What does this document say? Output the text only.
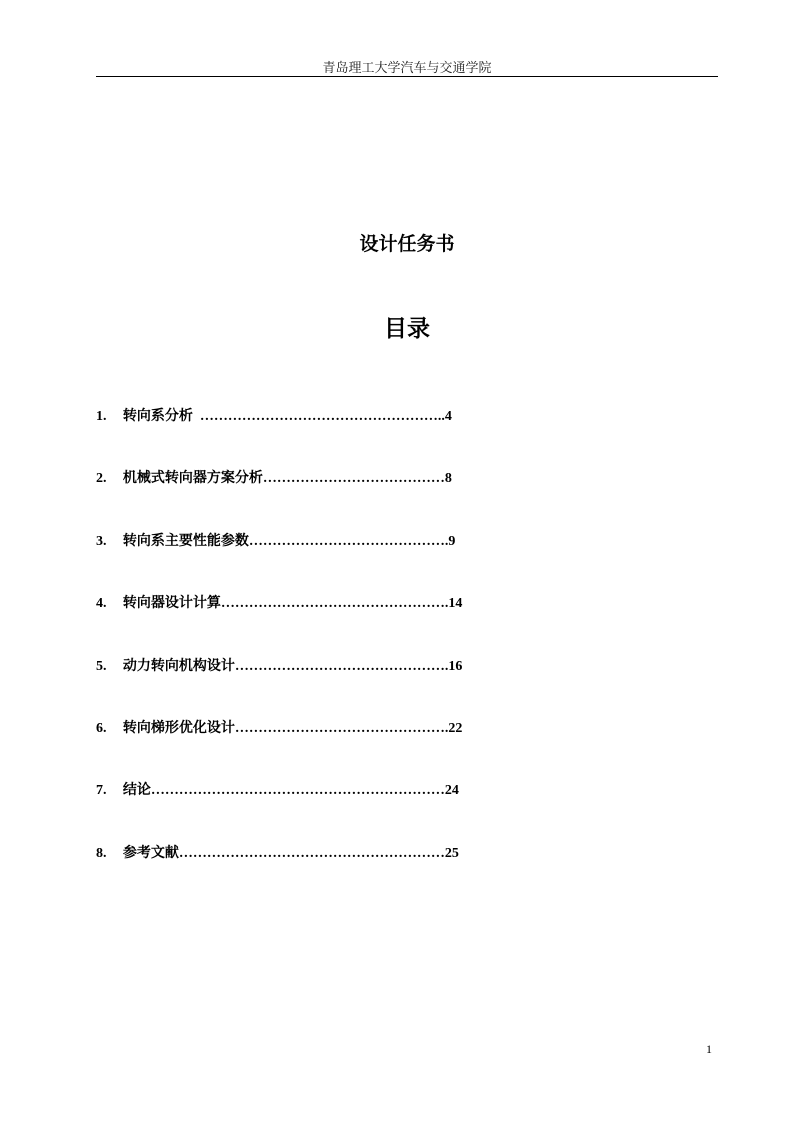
青岛理工大学汽车与交通学院
设计任务书
目录
1. 转向系分析 ……………………………………………..4
2. 机械式转向器方案分析…………………………………8
3. 转向系主要性能参数…………………………………….9
4. 转向器设计计算………………………………………….14
5. 动力转向机构设计……………………………………….16
6. 转向梯形优化设计……………………………………….22
7. 结论………………………………………………………24
8. 参考文献…………………………………………………25
1
